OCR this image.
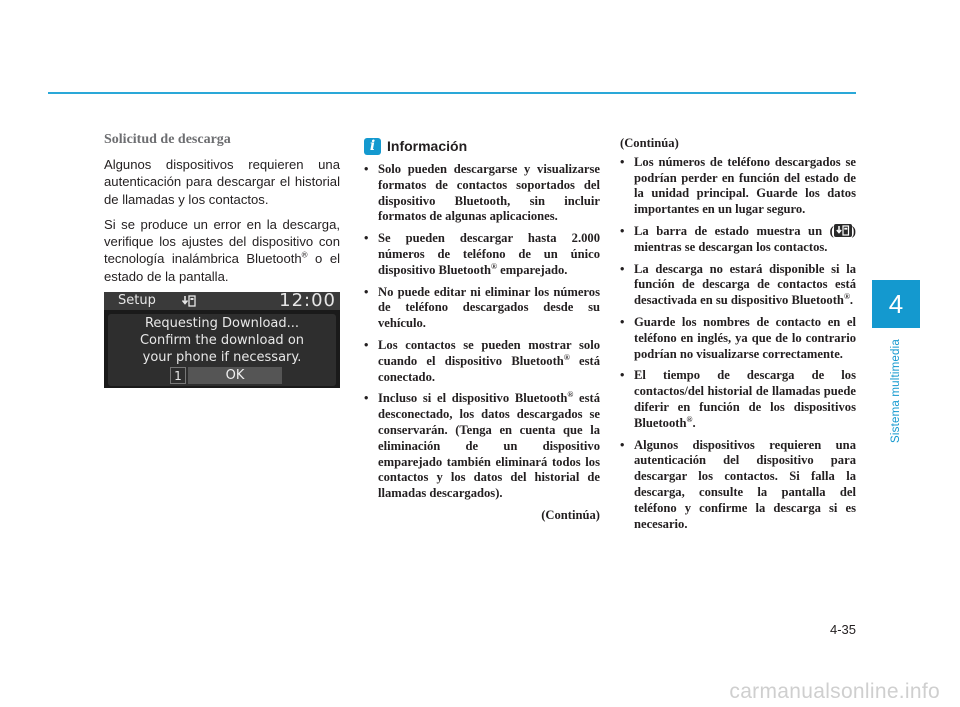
4
Sistema multimedia
4-35
carmanualsonline.info

Solicitud de descarga

Algunos dispositivos requieren una autenticación para descargar el historial de llamadas y los contactos.

Si se produce un error en la descarga, verifique los ajustes del dispositivo con tecnología inalámbrica Bluetooth® o el estado de la pantalla.

Setup	12:00
Requesting Download...
Confirm the download on
your phone if necessary.
1	OK
i Información
• Solo pueden descargarse y visualizarse formatos de contactos soportados del dispositivo Bluetooth, sin incluir formatos de algunas aplicaciones.
• Se pueden descargar hasta 2.000 números de teléfono de un único dispositivo Bluetooth® emparejado.
• No puede editar ni eliminar los números de teléfono descargados desde su vehículo.
• Los contactos se pueden mostrar solo cuando el dispositivo Bluetooth® está conectado.
• Incluso si el dispositivo Bluetooth® está desconectado, los datos descargados se conservarán. (Tenga en cuenta que la eliminación de un dispositivo emparejado también eliminará todos los contactos y los datos del historial de llamadas descargados).
(Continúa)
(Continúa)
• Los números de teléfono descargados se podrían perder en función del estado de la unidad principal. Guarde los datos importantes en un lugar seguro.
• La barra de estado muestra un ( ) mientras se descargan los contactos.
• La descarga no estará disponible si la función de descarga de contactos está desactivada en su dispositivo Bluetooth®.
• Guarde los nombres de contacto en el teléfono en inglés, ya que de lo contrario podrían no visualizarse correctamente.
• El tiempo de descarga de los contactos/del historial de llamadas puede diferir en función de los dispositivos Bluetooth®.
• Algunos dispositivos requieren una autenticación del dispositivo para descargar los contactos. Si falla la descarga, consulte la pantalla del teléfono y confirme la descarga si es necesario.
